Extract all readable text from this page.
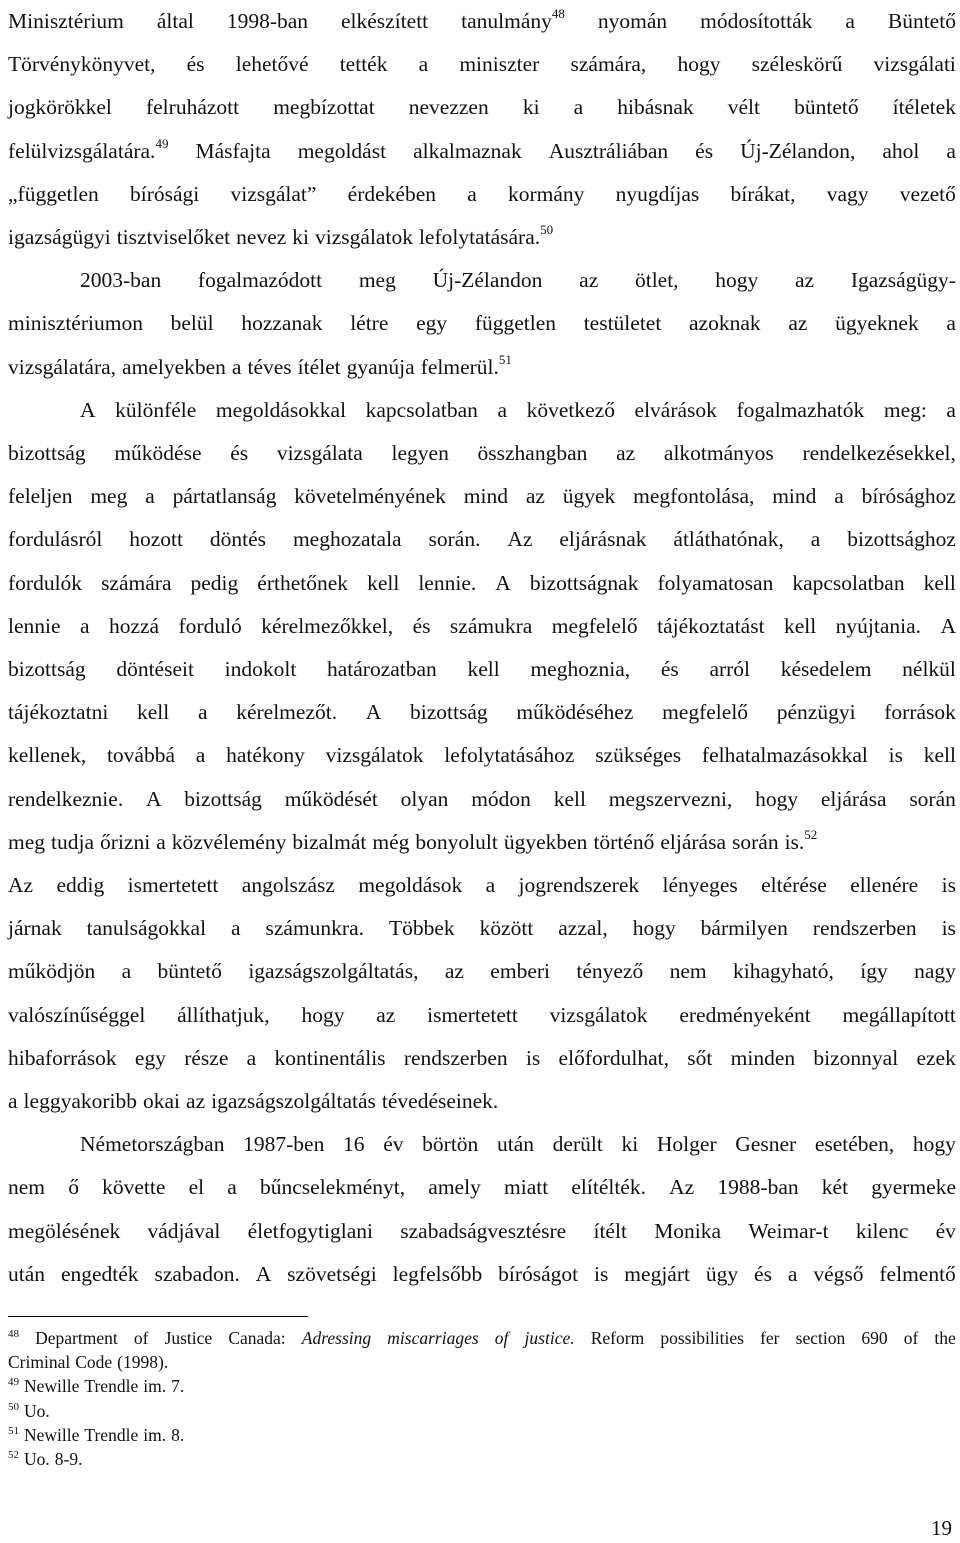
Minisztérium által 1998-ban elkészített tanulmány$^{48}$ nyomán módosították a Büntető
Törvénykönyvet, és lehetővé tették a miniszter számára, hogy széleskörű vizsgálati
jogkörökkel felruházott megbízottat nevezzen ki a hibásnak vélt büntető ítéletek
felülvizsgálatára.$^{49}$ Másfajta megoldást alkalmaznak Ausztráliában és Új-Zélandon, ahol a
„független bírósági vizsgálat” érdekében a kormány nyugdíjas bírákat, vagy vezető
igazságügyi tisztviselőket nevez ki vizsgálatok lefolytatására.$^{50}$
2003-ban fogalmazódott meg Új-Zélandon az ötlet, hogy az Igazságügy-
minisztériumon belül hozzanak létre egy független testületet azoknak az ügyeknek a
vizsgálatára, amelyekben a téves ítélet gyanúja felmerül.$^{51}$
A különféle megoldásokkal kapcsolatban a következő elvárások fogalmazhatók meg: a
bizottság működése és vizsgálata legyen összhangban az alkotmányos rendelkezésekkel,
feleljen meg a pártatlanság követelményének mind az ügyek megfontolása, mind a bírósághoz
fordulásról hozott döntés meghozatala során. Az eljárásnak átláthatónak, a bizottsághoz
fordulók számára pedig érthetőnek kell lennie. A bizottságnak folyamatosan kapcsolatban kell
lennie a hozzá forduló kérelmezőkkel, és számukra megfelelő tájékoztatást kell nyújtania. A
bizottság döntéseit indokolt határozatban kell meghoznia, és arról késedelem nélkül
tájékoztatni kell a kérelmezőt. A bizottság működéséhez megfelelő pénzügyi források
kellenek, továbbá a hatékony vizsgálatok lefolytatásához szükséges felhatalmazásokkal is kell
rendelkeznie. A bizottság működését olyan módon kell megszervezni, hogy eljárása során
meg tudja őrizni a közvélemény bizalmát még bonyolult ügyekben történő eljárása során is.$^{52}$
Az eddig ismertetett angolszász megoldások a jogrendszerek lényeges eltérése ellenére is
járnak tanulságokkal a számunkra. Többek között azzal, hogy bármilyen rendszerben is
működjön a büntető igazságszolgáltatás, az emberi tényező nem kihagyható, így nagy
valószínűséggel állíthatjuk, hogy az ismertetett vizsgálatok eredményeként megállapított
hibaforrások egy része a kontinentális rendszerben is előfordulhat, sőt minden bizonnyal ezek
a leggyakoribb okai az igazságszolgáltatás tévedéseinek.
Németországban 1987-ben 16 év börtön után derült ki Holger Gesner esetében, hogy
nem ő követte el a bűncselekményt, amely miatt elítélték. Az 1988-ban két gyermeke
megölésének vádjával életfogytiglani szabadságvesztésre ítélt Monika Weimar-t kilenc év
után engedték szabadon. A szövetségi legfelsőbb bíróságot is megjárt ügy és a végső felmentő
$^{48}$ Department of Justice Canada: Adressing miscarriages of justice. Reform possibilities fer section 690 of the
Criminal Code (1998).
$^{49}$ Newille Trendle im. 7.
$^{50}$ Uo.
$^{51}$ Newille Trendle im. 8.
$^{52}$ Uo. 8-9.
19
